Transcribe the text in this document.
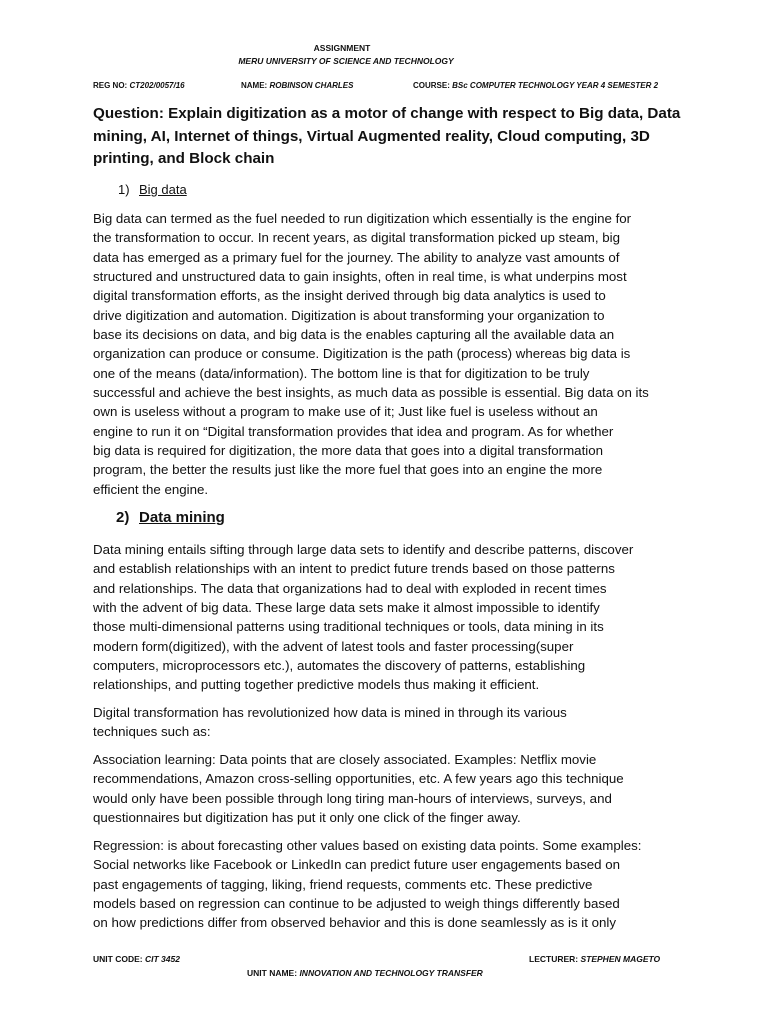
ASSIGNMENT
MERU UNIVERSITY OF SCIENCE AND TECHNOLOGY
REG NO: CT202/0057/16	NAME: ROBINSON CHARLES	COURSE: BSc COMPUTER TECHNOLOGY YEAR 4 SEMESTER 2
Question: Explain digitization as a motor of change with respect to Big data, Data mining, AI, Internet of things, Virtual Augmented reality, Cloud computing, 3D printing, and Block chain
1) Big data
Big data can termed as the fuel needed to run digitization which essentially is the engine for
the transformation to occur. In recent years, as digital transformation picked up steam, big
data has emerged as a primary fuel for the journey. The ability to analyze vast amounts of
structured and unstructured data to gain insights, often in real time, is what underpins most
digital transformation efforts, as the insight derived through big data analytics is used to
drive digitization and automation. Digitization is about transforming your organization to
base its decisions on data, and big data is the enables capturing all the available data an
organization can produce or consume. Digitization is the path (process) whereas big data is
one of the means (data/information). The bottom line is that for digitization to be truly
successful and achieve the best insights, as much data as possible is essential. Big data on its
own is useless without a program to make use of it; Just like fuel is useless without an
engine to run it on “Digital transformation provides that idea and program. As for whether
big data is required for digitization, the more data that goes into a digital transformation
program, the better the results just like the more fuel that goes into an engine the more
efficient the engine.
2) Data mining
Data mining entails sifting through large data sets to identify and describe patterns, discover
and establish relationships with an intent to predict future trends based on those patterns
and relationships. The data that organizations had to deal with exploded in recent times
with the advent of big data. These large data sets make it almost impossible to identify
those multi-dimensional patterns using traditional techniques or tools, data mining in its
modern form(digitized), with the advent of latest tools and faster processing(super
computers, microprocessors etc.), automates the discovery of patterns, establishing
relationships, and putting together predictive models thus making it efficient.
Digital transformation has revolutionized how data is mined in through its various
techniques such as:
Association learning: Data points that are closely associated. Examples: Netflix movie
recommendations, Amazon cross-selling opportunities, etc. A few years ago this technique
would only have been possible through long tiring man-hours of interviews, surveys, and
questionnaires but digitization has put it only one click of the finger away.
Regression: is about forecasting other values based on existing data points. Some examples:
Social networks like Facebook or LinkedIn can predict future user engagements based on
past engagements of tagging, liking, friend requests, comments etc. These predictive
models based on regression can continue to be adjusted to weigh things differently based
on how predictions differ from observed behavior and this is done seamlessly as is it only
UNIT CODE: CIT 3452	LECTURER: STEPHEN MAGETO
UNIT NAME: INNOVATION AND TECHNOLOGY TRANSFER
